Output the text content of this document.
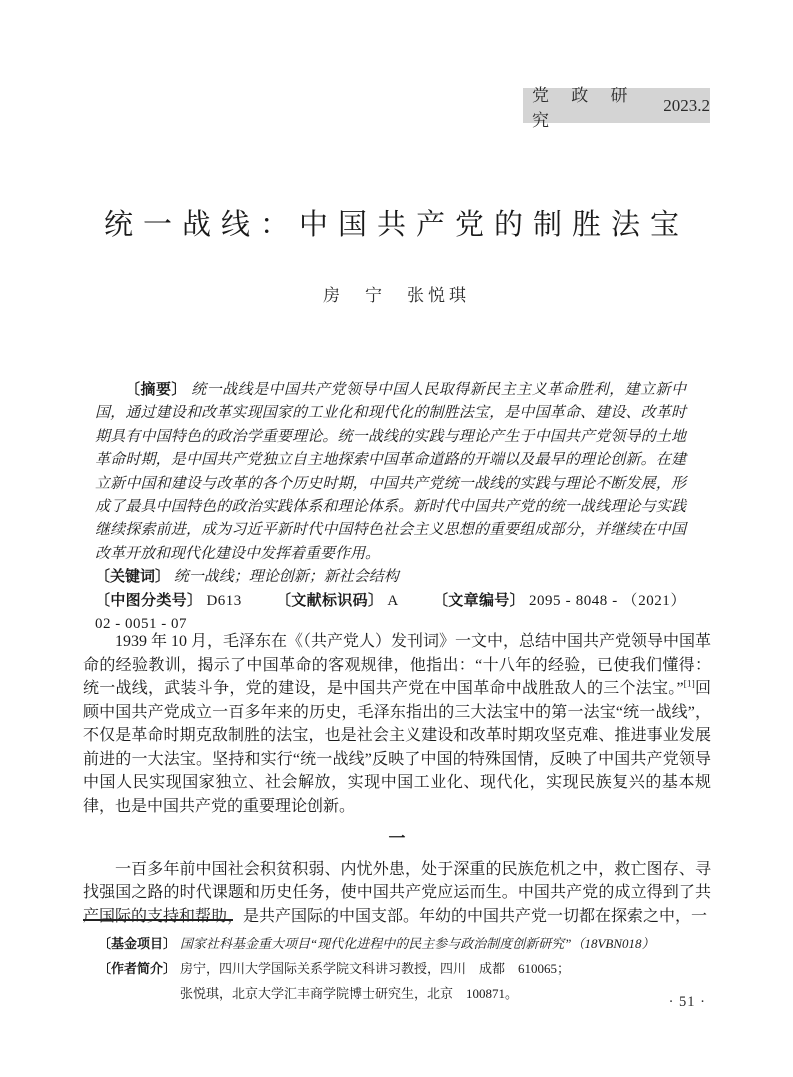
党 政 研 究
2023.2
统一战线：中国共产党的制胜法宝
房　宁　张悦琪

〔摘要〕 统一战线是中国共产党领导中国人民取得新民主主义革命胜利，建立新中国，通过建设和改革实现国家的工业化和现代化的制胜法宝，是中国革命、建设、改革时期具有中国特色的政治学重要理论。统一战线的实践与理论产生于中国共产党领导的土地革命时期，是中国共产党独立自主地探索中国革命道路的开端以及最早的理论创新。在建立新中国和建设与改革的各个历史时期，中国共产党统一战线的实践与理论不断发展，形成了最具中国特色的政治实践体系和理论体系。新时代中国共产党的统一战线理论与实践继续探索前进，成为习近平新时代中国特色社会主义思想的重要组成部分，并继续在中国改革开放和现代化建设中发挥着重要作用。

〔关键词〕 统一战线；理论创新；新社会结构

〔中图分类号〕 D613 〔文献标识码〕 A 〔文章编号〕 2095 - 8048 - （2021）02 - 0051 - 07

1939 年 10 月，毛泽东在《（共产党人）发刊词》一文中，总结中国共产党领导中国革命的经验教训，揭示了中国革命的客观规律，他指出：“十八年的经验，已使我们懂得：统一战线，武装斗争，党的建设，是中国共产党在中国革命中战胜敌人的三个法宝。”[1]回顾中国共产党成立一百多年来的历史，毛泽东指出的三大法宝中的第一法宝“统一战线”，不仅是革命时期克敌制胜的法宝，也是社会主义建设和改革时期攻坚克难、推进事业发展前进的一大法宝。坚持和实行“统一战线”反映了中国的特殊国情，反映了中国共产党领导中国人民实现国家独立、社会解放，实现中国工业化、现代化，实现民族复兴的基本规律，也是中国共产党的重要理论创新。

一

一百多年前中国社会积贫积弱、内忧外患，处于深重的民族危机之中，救亡图存、寻找强国之路的时代课题和历史任务，使中国共产党应运而生。中国共产党的成立得到了共产国际的支持和帮助，是共产国际的中国支部。年幼的中国共产党一切都在探索之中，一

〔基金项目〕 国家社科基金重大项目“现代化进程中的民主参与政治制度创新研究”（18VBN018）
〔作者简介〕 房宁，四川大学国际关系学院文科讲习教授，四川　成都　610065；
张悦琪，北京大学汇丰商学院博士研究生，北京　100871。
· 51 ·
